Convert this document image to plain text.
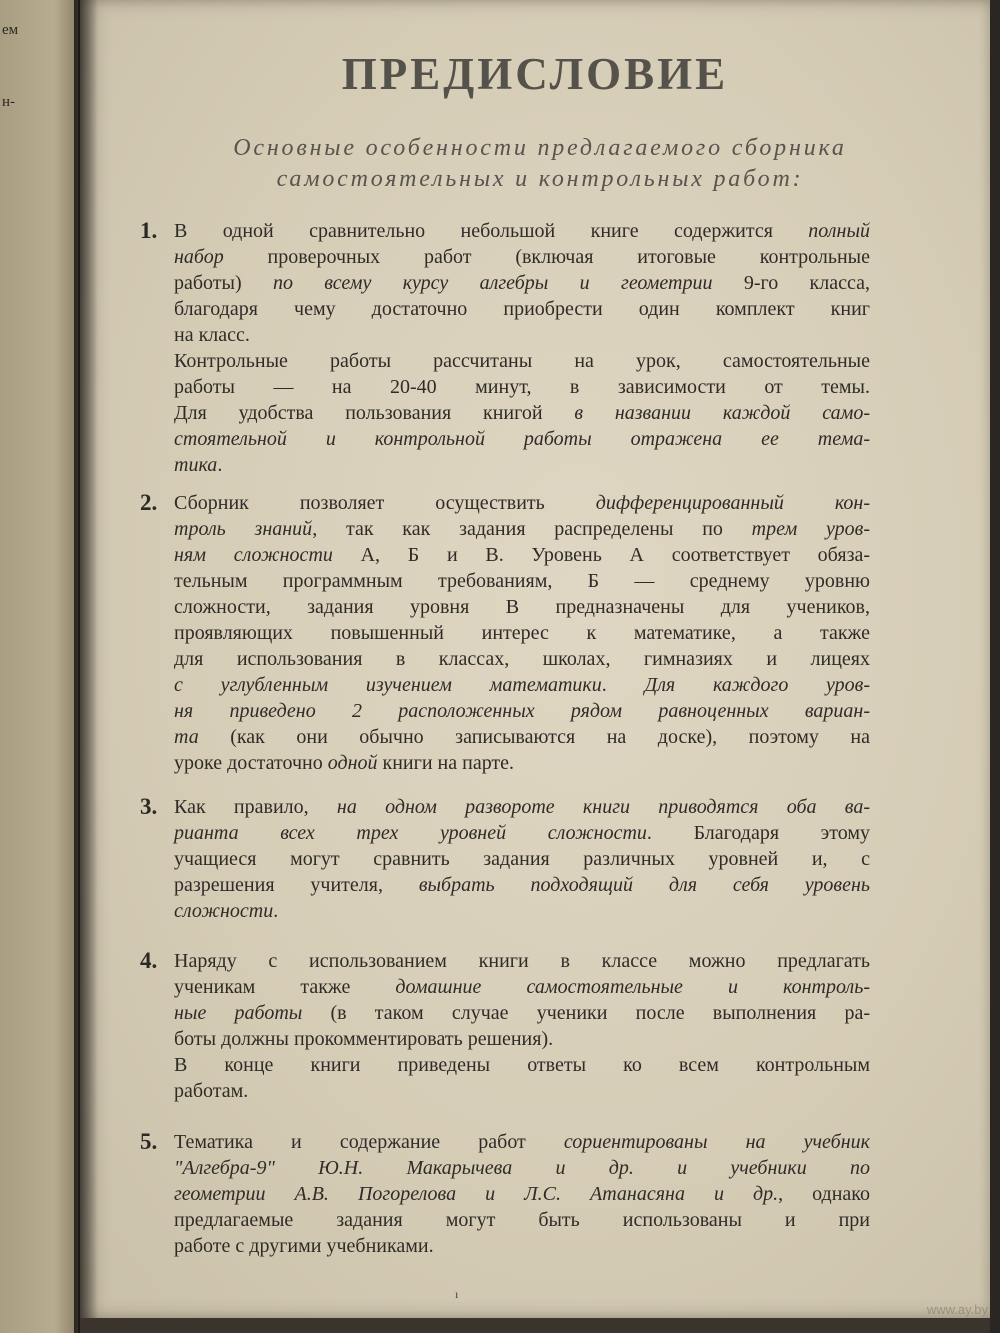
ем
н-
ПРЕДИСЛОВИЕ
Основные особенности предлагаемого сборника
самостоятельных и контрольных работ:
1. В одной сравнительно небольшой книге содержится полный
набор проверочных работ (включая итоговые контрольные
работы) по всему курсу алгебры и геометрии 9-го класса,
благодаря чему достаточно приобрести один комплект книг
на класс.
Контрольные работы рассчитаны на урок, самостоятельные
работы — на 20-40 минут, в зависимости от темы.
Для удобства пользования книгой в названии каждой само-
стоятельной и контрольной работы отражена ее тема-
тика.
2. Сборник позволяет осуществить дифференцированный кон-
троль знаний, так как задания распределены по трем уров-
ням сложности А, Б и В. Уровень А соответствует обяза-
тельным программным требованиям, Б — среднему уровню
сложности, задания уровня В предназначены для учеников,
проявляющих повышенный интерес к математике, а также
для использования в классах, школах, гимназиях и лицеях
с углубленным изучением математики. Для каждого уров-
ня приведено 2 расположенных рядом равноценных вариан-
та (как они обычно записываются на доске), поэтому на
уроке достаточно одной книги на парте.
3. Как правило, на одном развороте книги приводятся оба ва-
рианта всех трех уровней сложности. Благодаря этому
учащиеся могут сравнить задания различных уровней и, с
разрешения учителя, выбрать подходящий для себя уровень
сложности.
4. Наряду с использованием книги в классе можно предлагать
ученикам также домашние самостоятельные и контроль-
ные работы (в таком случае ученики после выполнения ра-
боты должны прокомментировать решения).
В конце книги приведены ответы ко всем контрольным
работам.
5. Тематика и содержание работ сориентированы на учебник
"Алгебра-9" Ю.Н. Макарычева и др. и учебники по
геометрии А.В. Погорелова и Л.С. Атанасяна и др., однако
предлагаемые задания могут быть использованы и при
работе с другими учебниками.
ı
www.ay.by
